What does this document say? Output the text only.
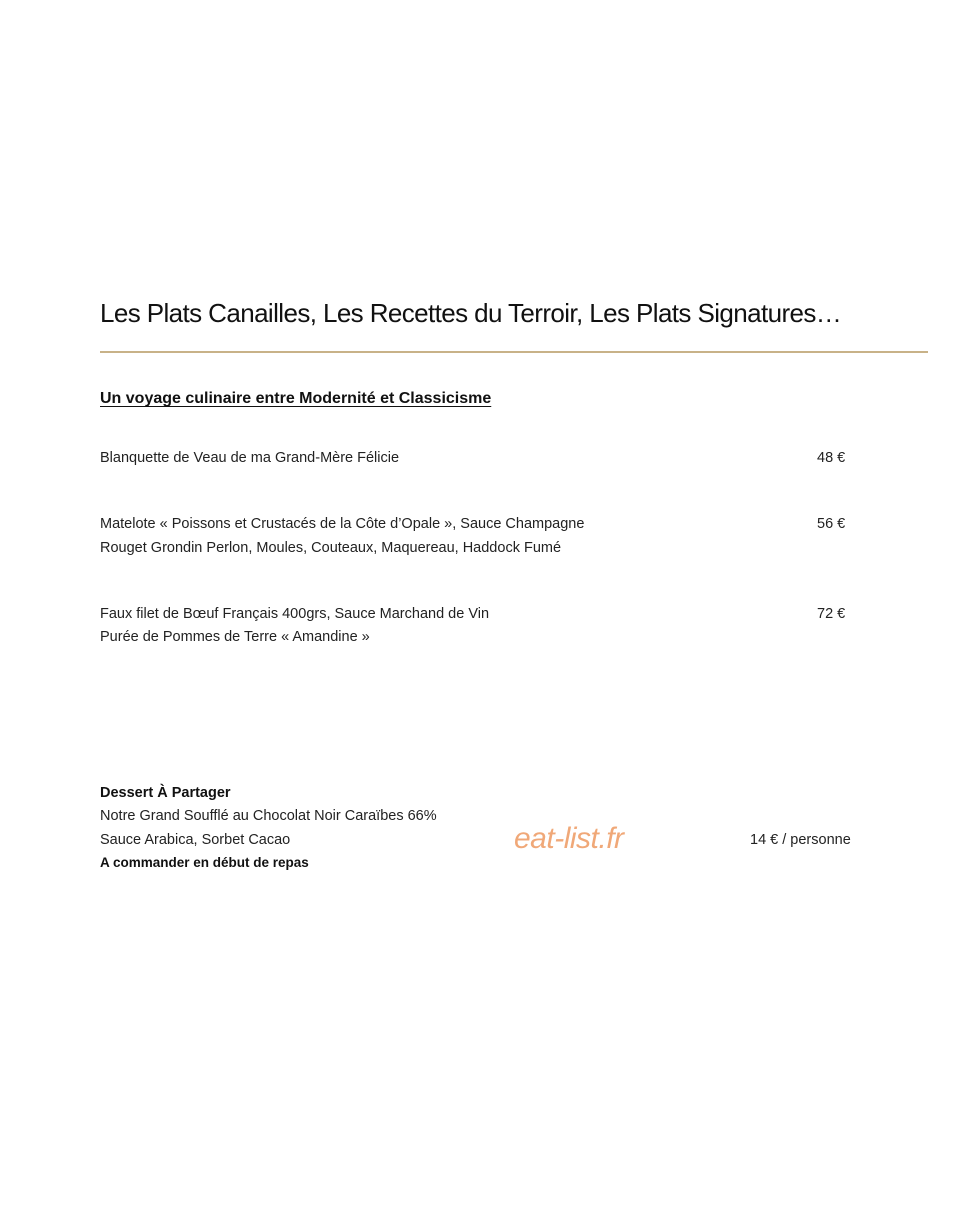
Les Plats Canailles, Les Recettes du Terroir, Les Plats Signatures…
Un voyage culinaire entre Modernité et Classicisme
Blanquette de Veau de ma Grand-Mère Félicie	48 €
Matelote « Poissons et Crustacés de la Côte d’Opale », Sauce Champagne
Rouget Grondin Perlon, Moules, Couteaux, Maquereau, Haddock Fumé
56 €
Faux filet de Bœuf Français 400grs, Sauce Marchand de Vin
Purée de Pommes de Terre « Amandine »
72 €
Dessert À Partager
Notre Grand Soufflé au Chocolat Noir Caraïbes 66%
Sauce Arabica, Sorbet Cacao
A commander en début de repas
14 € / personne
eat-list.fr
